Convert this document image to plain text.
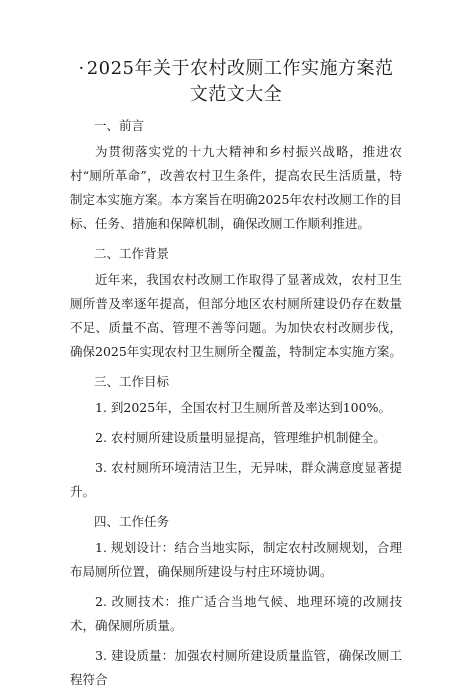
· 2025年关于农村改厕工作实施方案范文范文大全
一、前言

为贯彻落实党的十九大精神和乡村振兴战略，推进农村“厕所革命”，改善农村卫生条件，提高农民生活质量，特制定本实施方案。本方案旨在明确2025年农村改厕工作的目标、任务、措施和保障机制，确保改厕工作顺利推进。

二、工作背景

近年来，我国农村改厕工作取得了显著成效，农村卫生厕所普及率逐年提高，但部分地区农村厕所建设仍存在数量不足、质量不高、管理不善等问题。为加快农村改厕步伐，确保2025年实现农村卫生厕所全覆盖，特制定本实施方案。

三、工作目标

1. 到2025年，全国农村卫生厕所普及率达到100%。

2. 农村厕所建设质量明显提高，管理维护机制健全。

3. 农村厕所环境清洁卫生，无异味，群众满意度显著提升。

四、工作任务

1. 规划设计：结合当地实际，制定农村改厕规划，合理布局厕所位置，确保厕所建设与村庄环境协调。

2. 改厕技术：推广适合当地气候、地理环境的改厕技术，确保厕所质量。

3. 建设质量：加强农村厕所建设质量监管，确保改厕工程符合
